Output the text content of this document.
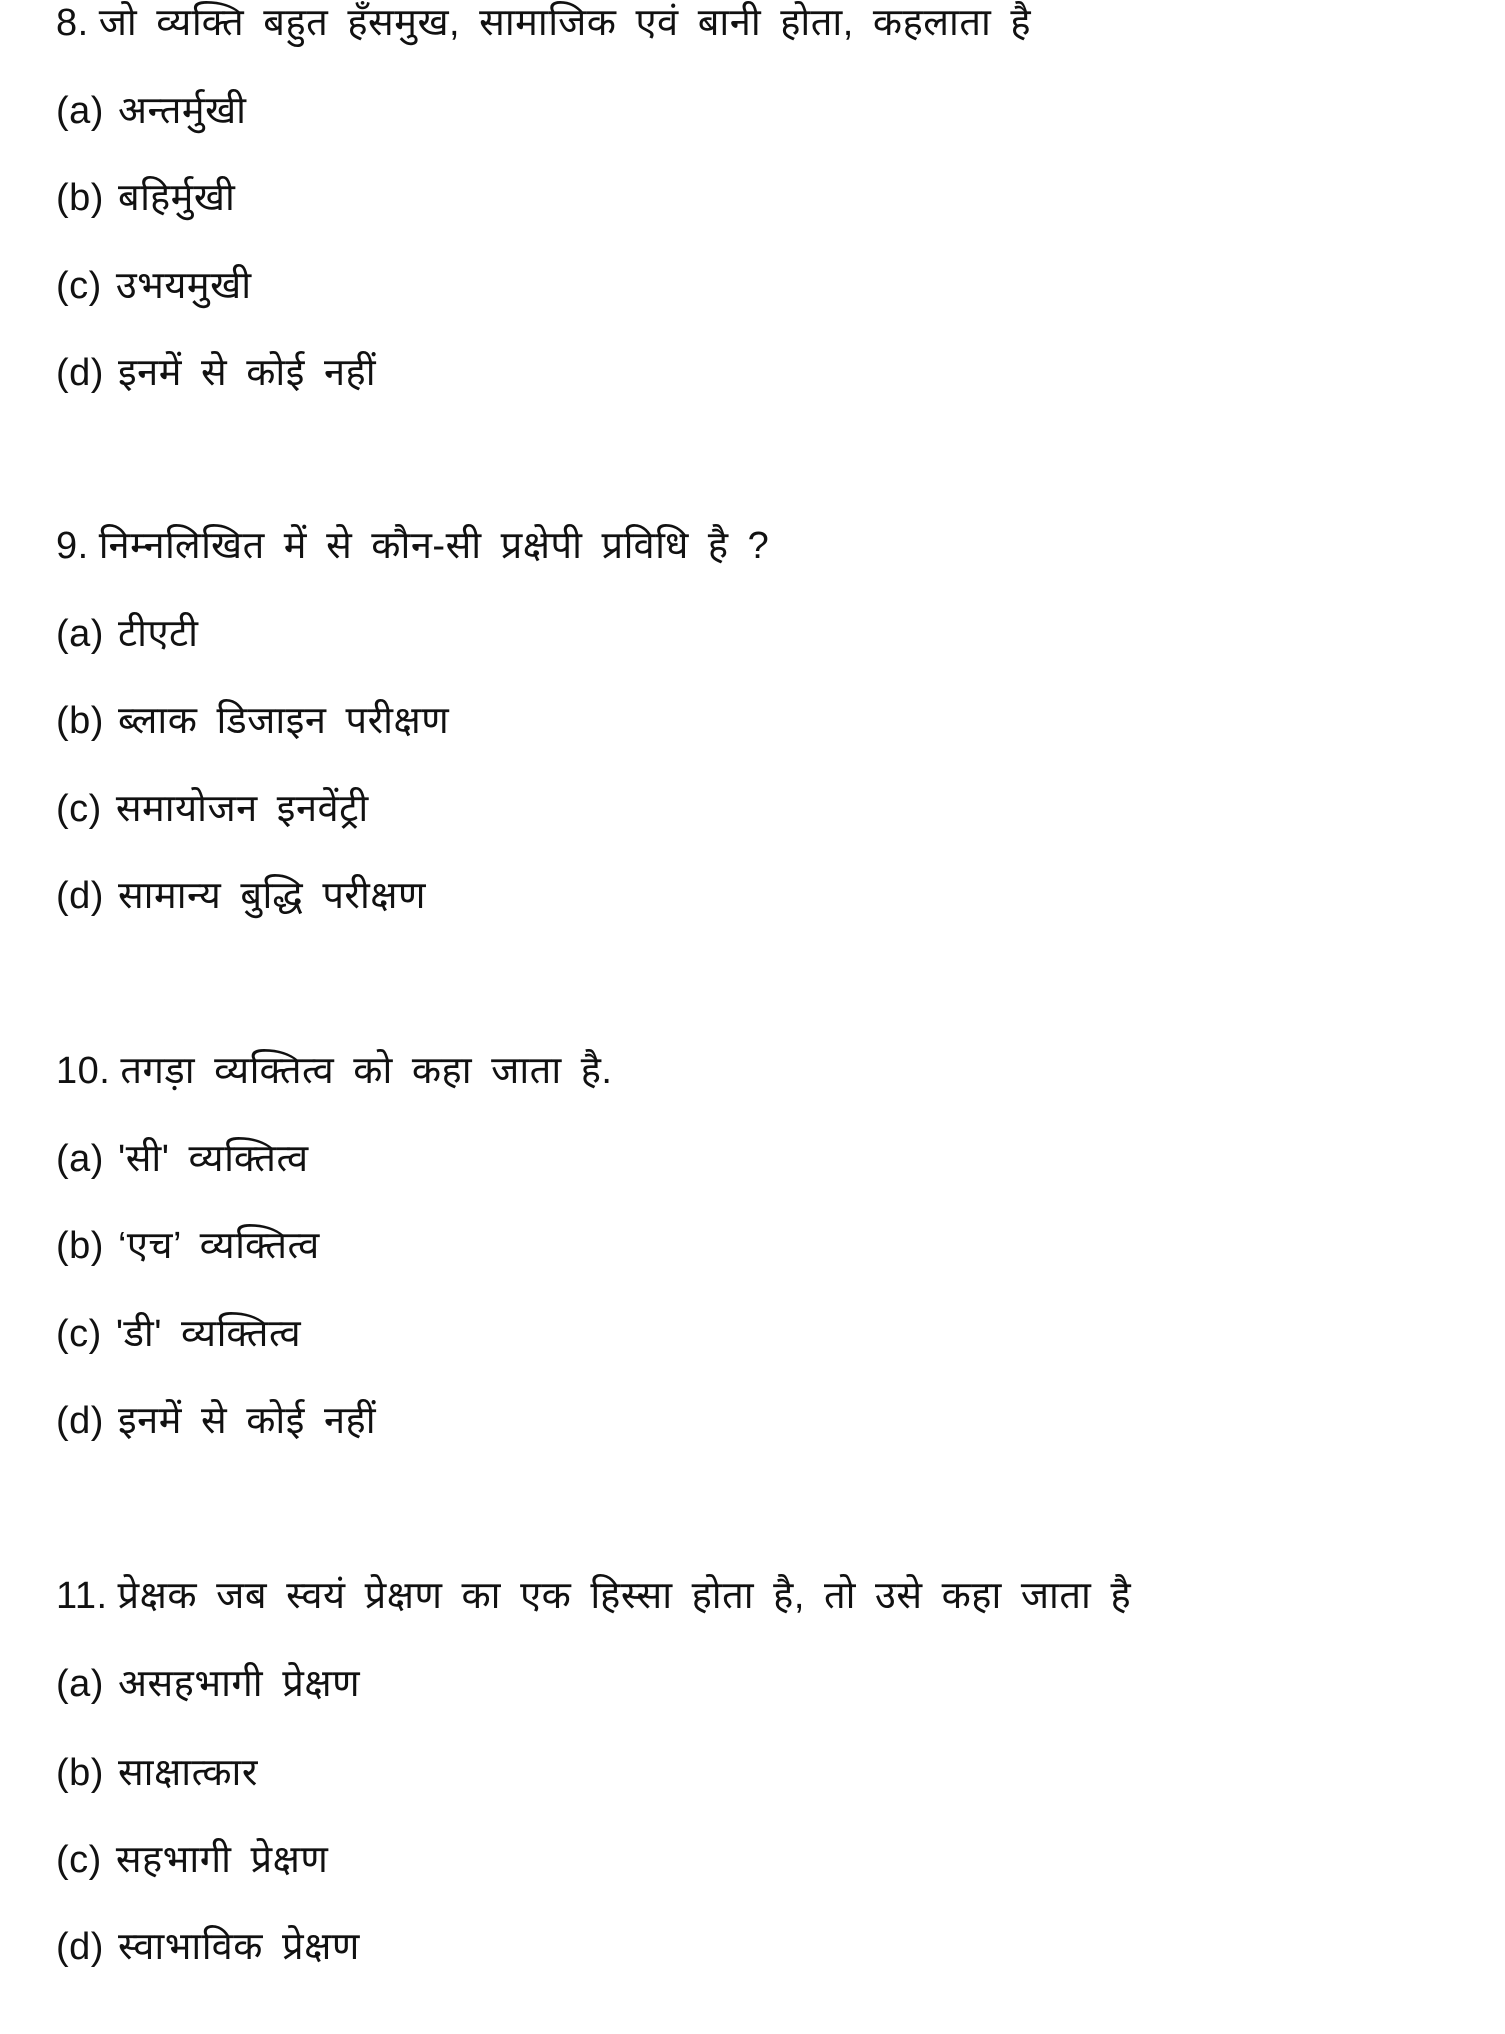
8. जो व्यक्ति बहुत हँसमुख, सामाजिक एवं बानी होता, कहलाता है
(a) अन्तर्मुखी
(b) बहिर्मुखी
(c) उभयमुखी
(d) इनमें से कोई नहीं
9. निम्नलिखित में से कौन-सी प्रक्षेपी प्रविधि है ?
(a) टीएटी
(b) ब्लाक डिजाइन परीक्षण
(c) समायोजन इनवेंट्री
(d) सामान्य बुद्धि परीक्षण
10. तगड़ा व्यक्तित्व को कहा जाता है.
(a) 'सी' व्यक्तित्व
(b) ‘एच’ व्यक्तित्व
(c) 'डी' व्यक्तित्व
(d) इनमें से कोई नहीं
11. प्रेक्षक जब स्वयं प्रेक्षण का एक हिस्सा होता है, तो उसे कहा जाता है
(a) असहभागी प्रेक्षण
(b) साक्षात्कार
(c) सहभागी प्रेक्षण
(d) स्वाभाविक प्रेक्षण
